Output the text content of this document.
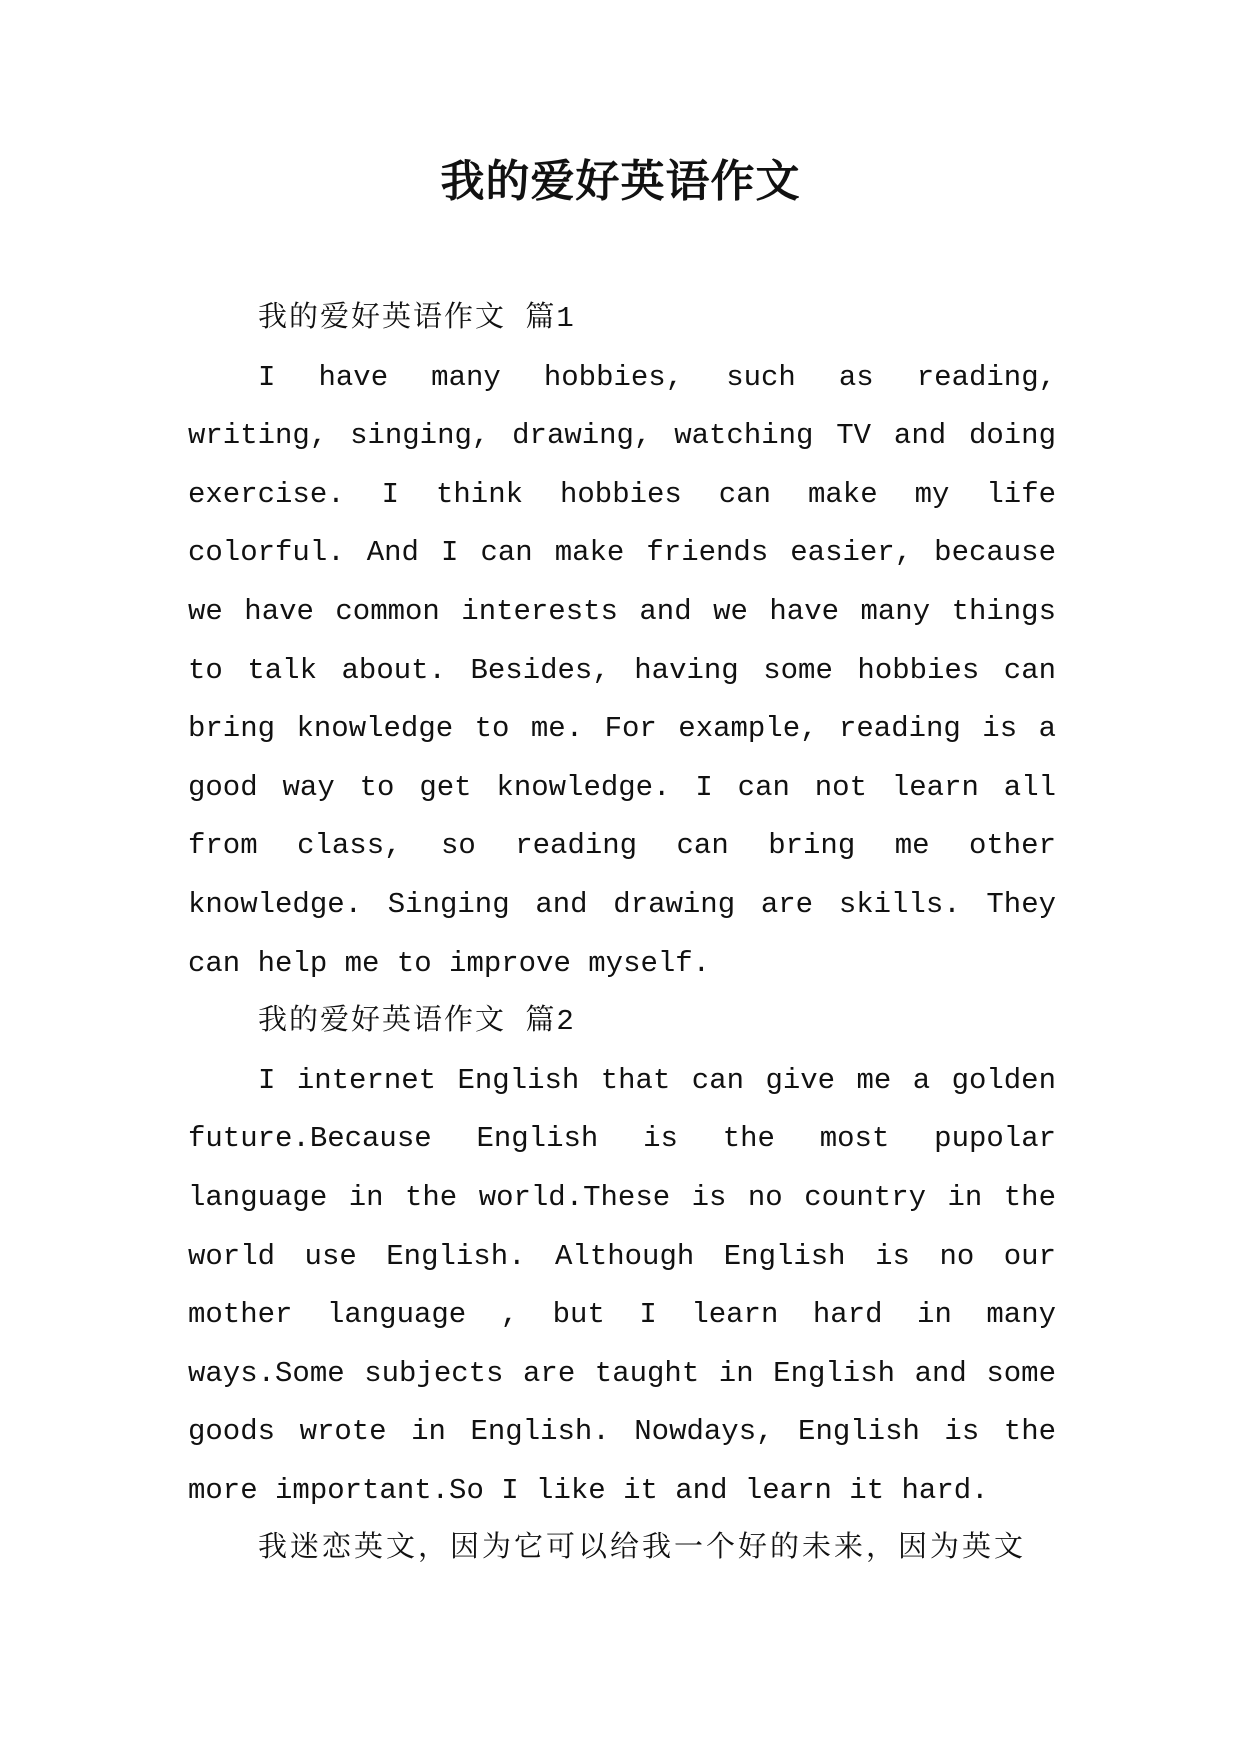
我的爱好英语作文

我的爱好英语作文 篇1

I have many hobbies, such as reading, writing, singing, drawing, watching TV and doing exercise. I think hobbies can make my life colorful. And I can make friends easier, because we have common interests and we have many things to talk about. Besides, having some hobbies can bring knowledge to me. For example, reading is a good way to get knowledge. I can not learn all from class, so reading can bring me other knowledge. Singing and drawing are skills. They can help me to improve myself.

我的爱好英语作文 篇2

I internet English that can give me a golden future.Because English is the most pupolar language in the world.These is no country in the world use English. Although English is no our mother language , but I learn hard in many ways.Some subjects are taught in English and some goods wrote in English. Nowdays, English is the more important.So I like it and learn it hard.

我迷恋英文，因为它可以给我一个好的未来，因为英文
